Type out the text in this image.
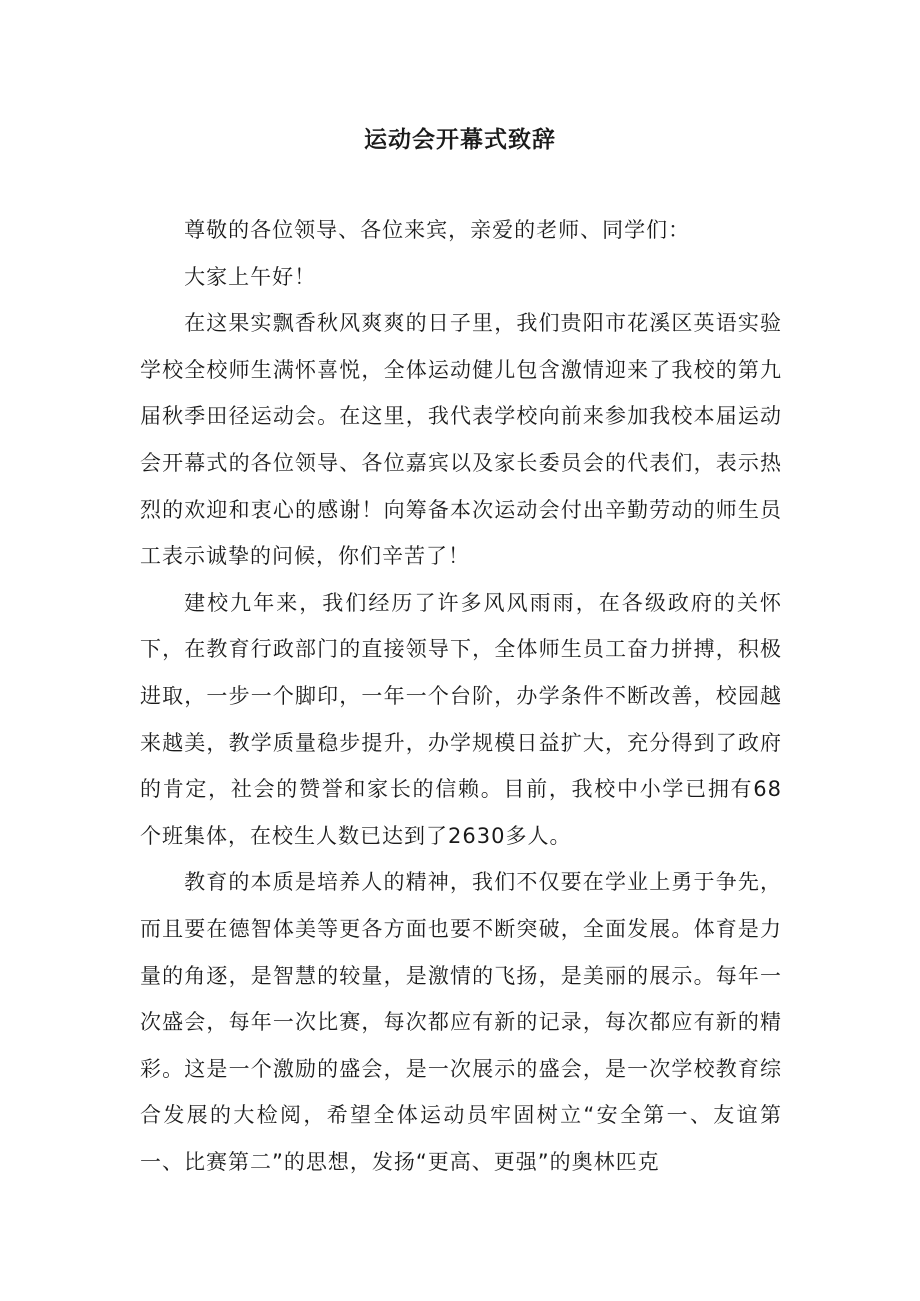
运动会开幕式致辞

尊敬的各位领导、各位来宾，亲爱的老师、同学们：

大家上午好！

在这果实飘香秋风爽爽的日子里，我们贵阳市花溪区英语实验学校全校师生满怀喜悦，全体运动健儿包含激情迎来了我校的第九届秋季田径运动会。在这里，我代表学校向前来参加我校本届运动会开幕式的各位领导、各位嘉宾以及家长委员会的代表们，表示热烈的欢迎和衷心的感谢！向筹备本次运动会付出辛勤劳动的师生员工表示诚挚的问候，你们辛苦了！

建校九年来，我们经历了许多风风雨雨，在各级政府的关怀下，在教育行政部门的直接领导下，全体师生员工奋力拼搏，积极进取，一步一个脚印，一年一个台阶，办学条件不断改善，校园越来越美，教学质量稳步提升，办学规模日益扩大，充分得到了政府的肯定，社会的赞誉和家长的信赖。目前，我校中小学已拥有68个班集体，在校生人数已达到了2630多人。

教育的本质是培养人的精神，我们不仅要在学业上勇于争先，而且要在德智体美等更各方面也要不断突破，全面发展。体育是力量的角逐，是智慧的较量，是激情的飞扬，是美丽的展示。每年一次盛会，每年一次比赛，每次都应有新的记录，每次都应有新的精彩。这是一个激励的盛会，是一次展示的盛会，是一次学校教育综合发展的大检阅，希望全体运动员牢固树立“安全第一、友谊第一、比赛第二”的思想，发扬“更高、更强”的奥林匹克
